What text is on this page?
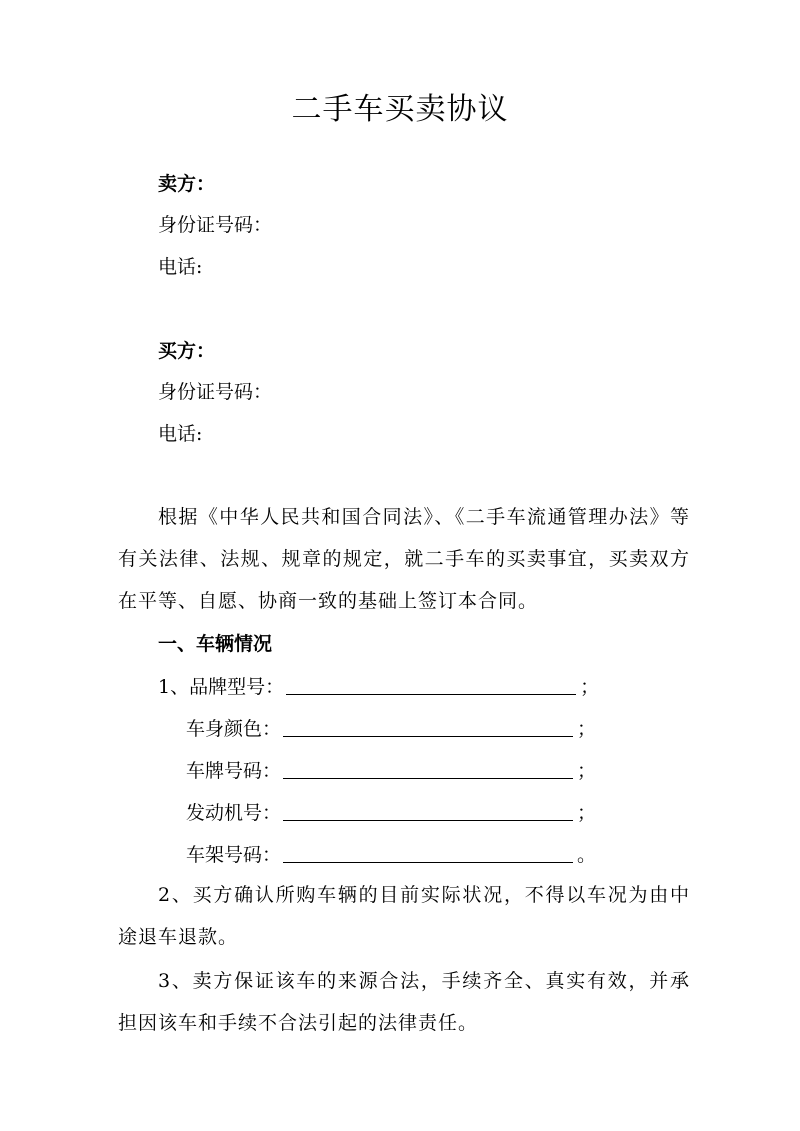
二手车买卖协议
卖方：
身份证号码：
电话:
买方：
身份证号码：
电话:
根据《中华人民共和国合同法》、《二手车流通管理办法》等有关法律、法规、规章的规定，就二手车的买卖事宜，买卖双方在平等、自愿、协商一致的基础上签订本合同。
一、车辆情况
1、品牌型号：	；
车身颜色：	；
车牌号码：	；
发动机号：	；
车架号码：	。
2、买方确认所购车辆的目前实际状况，不得以车况为由中途退车退款。
3、卖方保证该车的来源合法，手续齐全、真实有效，并承担因该车和手续不合法引起的法律责任。
